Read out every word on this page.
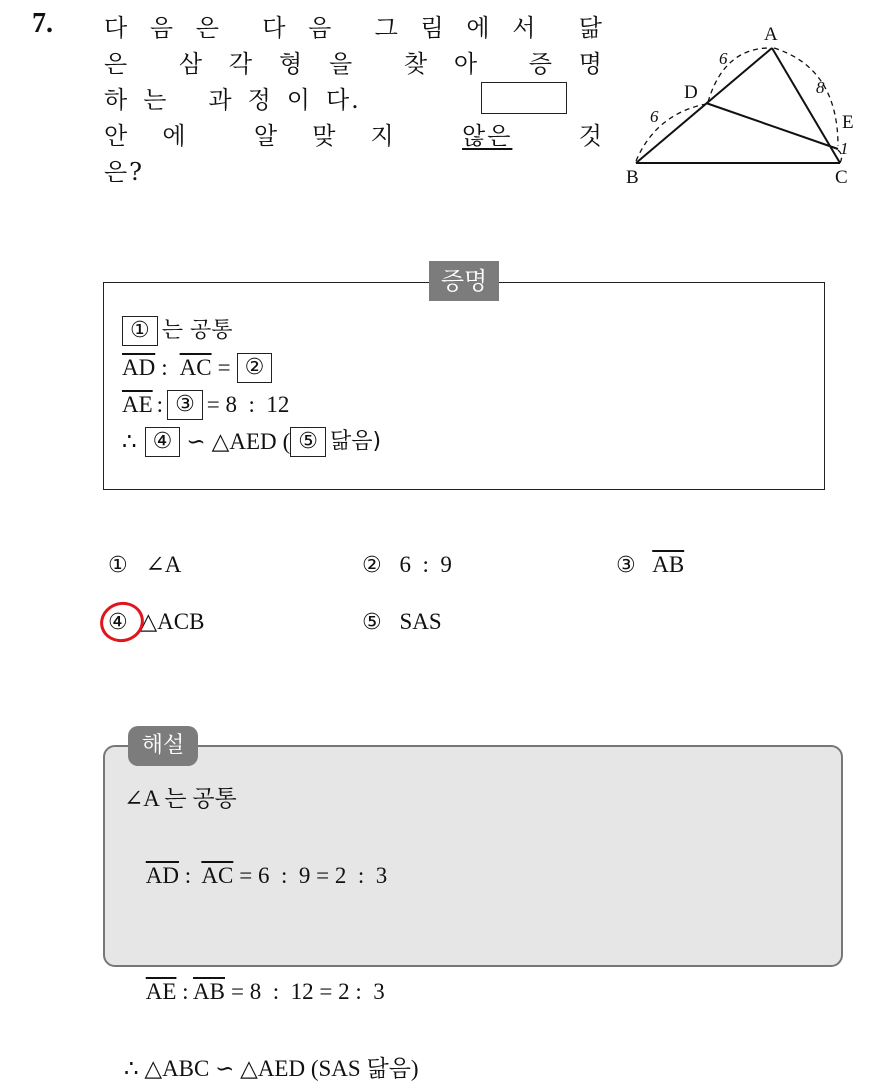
7. 다 음 은 다 음 그 림 에 서 닮
은 삼 각 형 을 찾 아 증 명
하 는 과 정 이 다.
안 에	알 맞 지	않은	것
은?
A
B	C
D
E
6
6
8
1
증명
① 는 공통
$\overline{AD}$ : $\overline{AC}$ = ②
$\overline{AE}$ : ③ = 8  :  12
∴ ④ ∽ △AED ( ⑤ 닮음)
① ∠A	② 6  :  9	③ $\overline{AB}$
④ △ACB	⑤ SAS
해설
∠A 는 공통

$\overline{AD}$ :  $\overline{AC} = 6$  :  9 = 2  :  3

$\overline{AE}$ : $\overline{AB} = 8$  :  12 = 2 :  3

∴ △ABC ∽ △AED (SAS 닮음)
